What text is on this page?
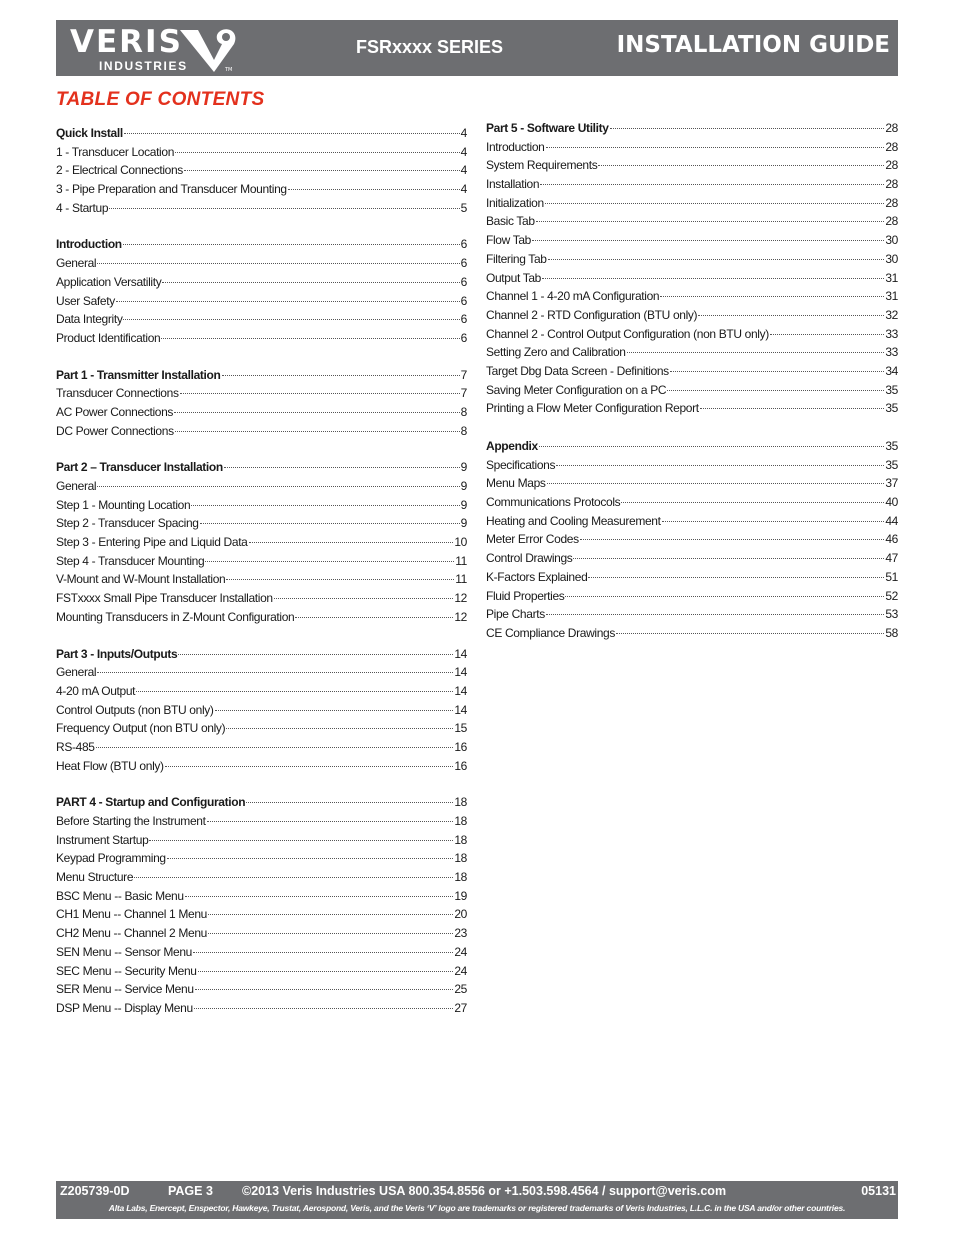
VERIS
INDUSTRIES	TM
FSRxxxx SERIES	INSTALLATION GUIDE
TABLE OF CONTENTS
Quick Install	4
1 - Transducer Location	4
2 - Electrical Connections	4
3 - Pipe Preparation and Transducer Mounting	4
4 - Startup	5
Introduction	6
General	6
Application Versatility	6
User Safety	6
Data Integrity	6
Product Identification	6
Part 1 - Transmitter Installation	7
Transducer Connections	7
AC Power Connections	8
DC Power Connections	8
Part 2 – Transducer Installation	9
General	9
Step 1 - Mounting Location	9
Step 2 - Transducer Spacing	9
Step 3 - Entering Pipe and Liquid Data	10
Step 4 - Transducer Mounting	11
V-Mount and W-Mount Installation	11
FSTxxxx Small Pipe Transducer Installation	12
Mounting Transducers in Z-Mount Configuration	12
Part 3 - Inputs/Outputs	14
General	14
4-20 mA Output	14
Control Outputs (non BTU only)	14
Frequency Output (non BTU only)	15
RS-485	16
Heat Flow (BTU only)	16
PART 4 - Startup and Configuration	18
Before Starting the Instrument	18
Instrument Startup	18
Keypad Programming	18
Menu Structure	18
BSC Menu -- Basic Menu	19
CH1 Menu -- Channel 1 Menu	20
CH2 Menu -- Channel 2 Menu	23
SEN Menu -- Sensor Menu	24
SEC Menu -- Security Menu	24
SER Menu -- Service Menu	25
DSP Menu -- Display Menu	27
Part 5 - Software Utility	28
Introduction	28
System Requirements	28
Installation	28
Initialization	28
Basic Tab	28
Flow Tab	30
Filtering Tab	30
Output Tab	31
Channel 1 - 4-20 mA Configuration	31
Channel 2 - RTD Configuration (BTU only)	32
Channel 2 - Control Output Configuration (non BTU only)	33
Setting Zero and Calibration	33
Target Dbg Data Screen - Definitions	34
Saving Meter Configuration on a PC	35
Printing a Flow Meter Configuration Report	35
Appendix	35
Specifications	35
Menu Maps	37
Communications Protocols	40
Heating and Cooling Measurement	44
Meter Error Codes	46
Control Drawings	47
K-Factors Explained	51
Fluid Properties	52
Pipe Charts	53
CE Compliance Drawings	58
Z205739-0D	PAGE 3 ©2013 Veris Industries USA 800.354.8556 or +1.503.598.4564 / support@veris.com	05131
Alta Labs, Enercept, Enspector, Hawkeye, Trustat, Aerospond, Veris, and the Veris ‘V’ logo are trademarks or registered trademarks of Veris Industries, L.L.C. in the USA and/or other countries.
